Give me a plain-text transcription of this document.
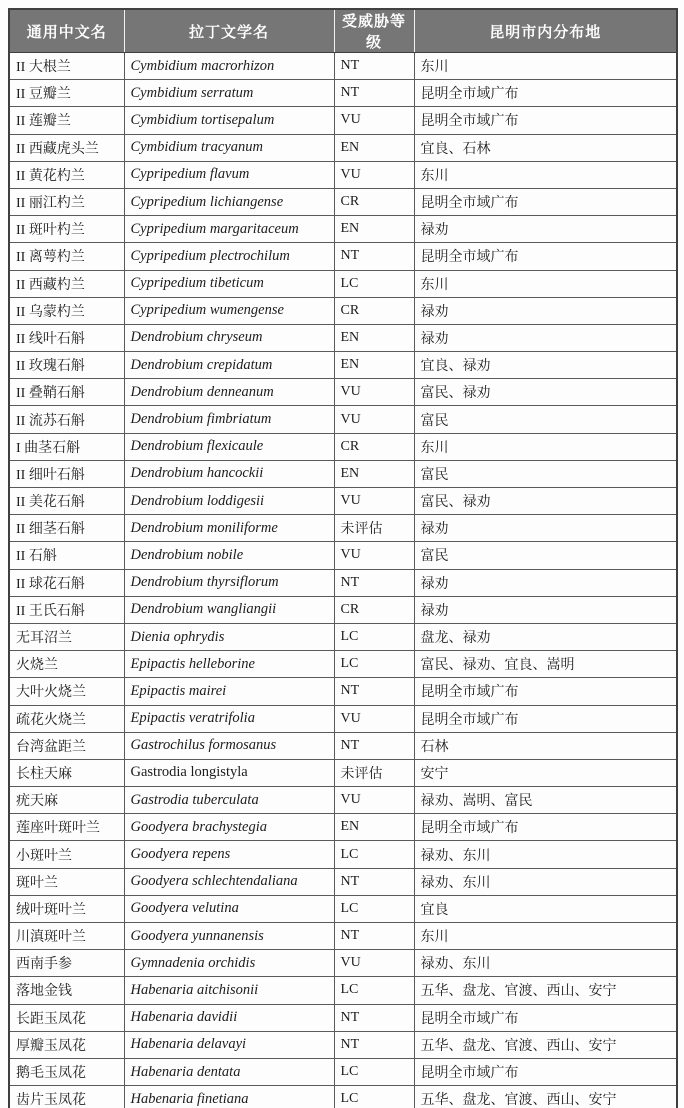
通用中文名	拉丁文学名	受威胁等级	昆明市内分布地
II 大根兰	Cymbidium macrorhizon	NT	东川
II 豆瓣兰	Cymbidium serratum	NT	昆明全市域广布
II 莲瓣兰	Cymbidium tortisepalum	VU	昆明全市域广布
II 西藏虎头兰	Cymbidium tracyanum	EN	宜良、石林
II 黄花杓兰	Cypripedium flavum	VU	东川
II 丽江杓兰	Cypripedium lichiangense	CR	昆明全市域广布
II 斑叶杓兰	Cypripedium margaritaceum	EN	禄劝
II 离萼杓兰	Cypripedium plectrochilum	NT	昆明全市域广布
II 西藏杓兰	Cypripedium tibeticum	LC	东川
II 乌蒙杓兰	Cypripedium wumengense	CR	禄劝
II 线叶石斛	Dendrobium chryseum	EN	禄劝
II 玫瑰石斛	Dendrobium crepidatum	EN	宜良、禄劝
II 叠鞘石斛	Dendrobium denneanum	VU	富民、禄劝
II 流苏石斛	Dendrobium fimbriatum	VU	富民
I 曲茎石斛	Dendrobium flexicaule	CR	东川
II 细叶石斛	Dendrobium hancockii	EN	富民
II 美花石斛	Dendrobium loddigesii	VU	富民、禄劝
II 细茎石斛	Dendrobium moniliforme	未评估	禄劝
II 石斛	Dendrobium nobile	VU	富民
II 球花石斛	Dendrobium thyrsiflorum	NT	禄劝
II 王氏石斛	Dendrobium wangliangii	CR	禄劝
无耳沼兰	Dienia ophrydis	LC	盘龙、禄劝
火烧兰	Epipactis helleborine	LC	富民、禄劝、宜良、嵩明
大叶火烧兰	Epipactis mairei	NT	昆明全市域广布
疏花火烧兰	Epipactis veratrifolia	VU	昆明全市域广布
台湾盆距兰	Gastrochilus formosanus	NT	石林
长柱天麻	Gastrodia longistyla	未评估	安宁
疣天麻	Gastrodia tuberculata	VU	禄劝、嵩明、富民
莲座叶斑叶兰	Goodyera brachystegia	EN	昆明全市域广布
小斑叶兰	Goodyera repens	LC	禄劝、东川
斑叶兰	Goodyera schlechtendaliana	NT	禄劝、东川
绒叶斑叶兰	Goodyera velutina	LC	宜良
川滇斑叶兰	Goodyera yunnanensis	NT	东川
西南手参	Gymnadenia orchidis	VU	禄劝、东川
落地金钱	Habenaria aitchisonii	LC	五华、盘龙、官渡、西山、安宁
长距玉凤花	Habenaria davidii	NT	昆明全市域广布
厚瓣玉凤花	Habenaria delavayi	NT	五华、盘龙、官渡、西山、安宁
鹅毛玉凤花	Habenaria dentata	LC	昆明全市域广布
齿片玉凤花	Habenaria finetiana	LC	五华、盘龙、官渡、西山、安宁
